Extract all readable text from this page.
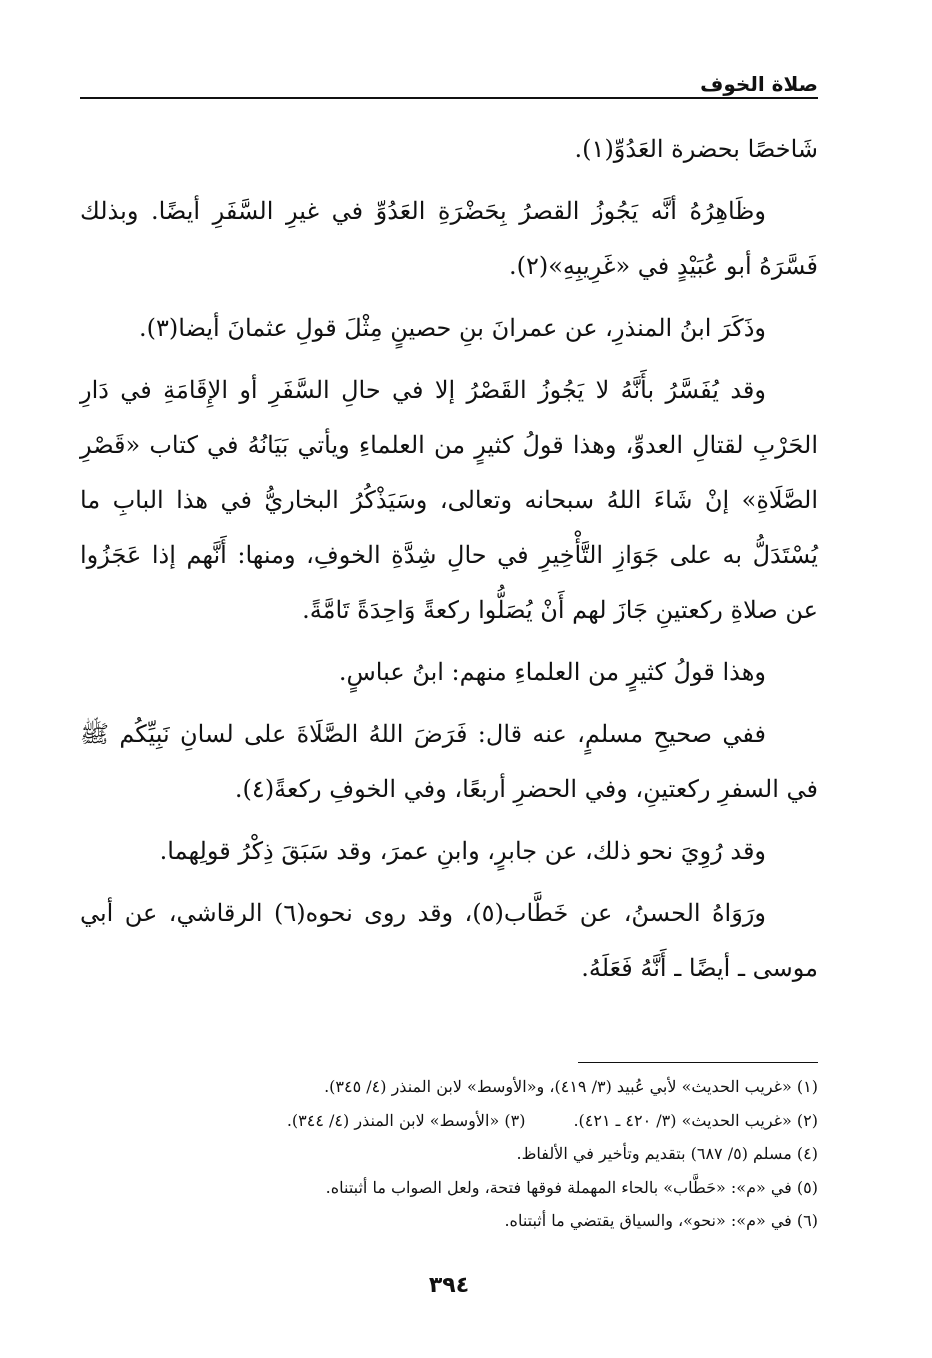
صلاة الخوف

شَاخصًا بحضرة العَدُوِّ(١).

وظَاهِرُهُ أنَّه يَجُوزُ القصرُ بِحَضْرَةِ العَدُوِّ في غيرِ السَّفَرِ أيضًا. وبذلك فَسَّرَهُ أبو عُبَيْدٍ في «غَرِيبِهِ»(٢).

وذَكَرَ ابنُ المنذرِ، عن عمرانَ بنِ حصينٍ مِثْلَ قولِ عثمانَ أيضا(٣).

وقد يُفَسَّرُ بأَنَّهُ لا يَجُوزُ القَصْرُ إلا في حالِ السَّفَرِ أو الإِقَامَةِ في دَارِ الحَرْبِ لقتالِ العدوِّ، وهذا قولُ كثيرٍ من العلماءِ ويأتي بَيَانُهُ في كتاب «قَصْرِ الصَّلَاةِ» إنْ شَاءَ اللهُ سبحانه وتعالى، وسَيَذْكُرُ البخاريُّ في هذا البابِ ما يُسْتَدَلُّ به على جَوَازِ التَّأْخِيرِ في حالِ شِدَّةِ الخوفِ، ومنها: أَنَّهم إذا عَجَزُوا عن صلاةِ ركعتينِ جَازَ لهم أَنْ يُصَلُّوا ركعةً وَاحِدَةً تَامَّةً.

وهذا قولُ كثيرٍ من العلماءِ منهم: ابنُ عباسٍ.

ففي صحيحِ مسلمٍ، عنه قال: فَرَضَ اللهُ الصَّلَاةَ على لسانِ نَبِيِّكُم ﷺ في السفرِ ركعتينِ، وفي الحضرِ أربعًا، وفي الخوفِ ركعةً(٤).

وقد رُوِيَ نحو ذلك، عن جابرٍ، وابنِ عمرَ، وقد سَبَقَ ذِكْرُ قولِهما.

ورَوَاهُ الحسنُ، عن خَطَّاب(٥)، وقد روى نحوه(٦) الرقاشي، عن أبي موسى ـ أيضًا ـ أَنَّهُ فَعَلَهُ.

(١) «غريب الحديث» لأبي عُبيد (٣/ ٤١٩)، و«الأوسط» لابن المنذر (٤/ ٣٤٥).
(٢) «غريب الحديث» (٣/ ٤٢٠ ـ ٤٢١).(٣) «الأوسط» لابن المنذر (٤/ ٣٤٤).
(٤) مسلم (٥/ ٦٨٧) بتقديم وتأخير في الألفاظ.
(٥) في «م»: «حَطَّاب» بالحاء المهملة فوقها فتحة، ولعل الصواب ما أثبتناه.
(٦) في «م»: «نحو»، والسياق يقتضي ما أثبتناه.
٣٩٤
